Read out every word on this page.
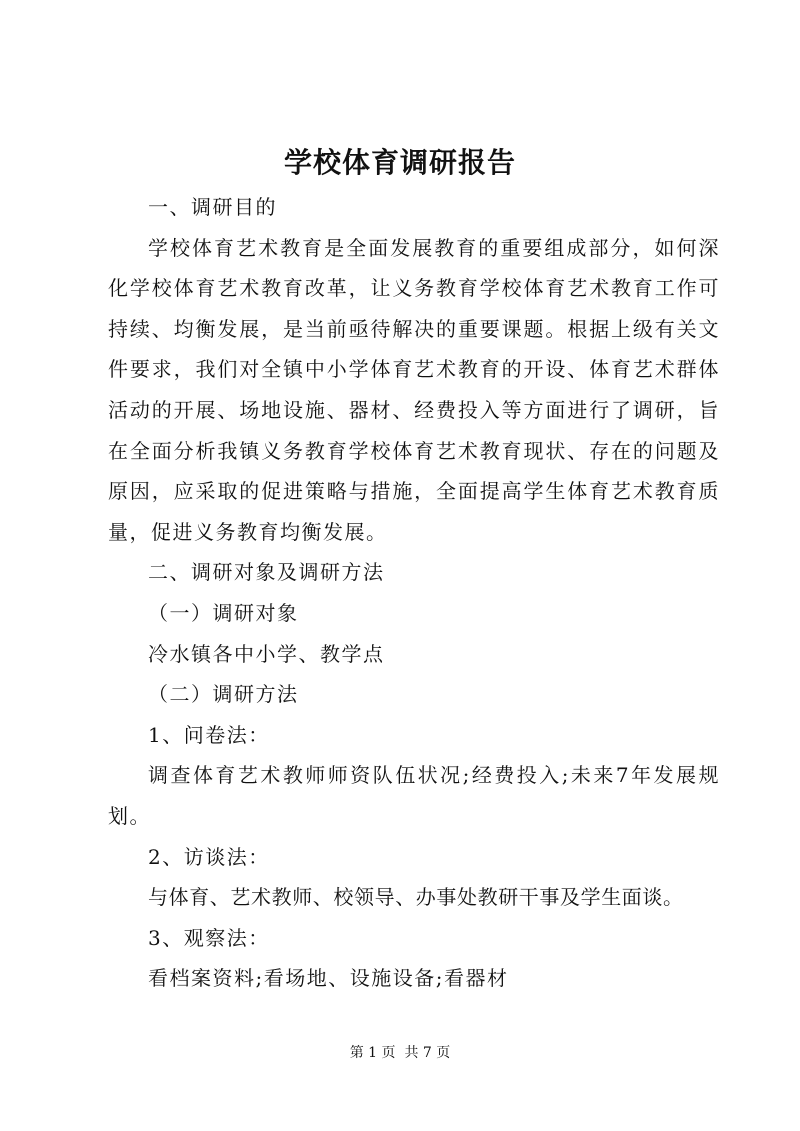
学校体育调研报告

一、调研目的

学校体育艺术教育是全面发展教育的重要组成部分，如何深化学校体育艺术教育改革，让义务教育学校体育艺术教育工作可持续、均衡发展，是当前亟待解决的重要课题。根据上级有关文件要求，我们对全镇中小学体育艺术教育的开设、体育艺术群体活动的开展、场地设施、器材、经费投入等方面进行了调研，旨在全面分析我镇义务教育学校体育艺术教育现状、存在的问题及原因，应采取的促进策略与措施，全面提高学生体育艺术教育质量，促进义务教育均衡发展。

二、调研对象及调研方法

（一）调研对象

冷水镇各中小学、教学点

（二）调研方法

1、问卷法：

调查体育艺术教师师资队伍状况;经费投入;未来7年发展规划。

2、访谈法：

与体育、艺术教师、校领导、办事处教研干事及学生面谈。

3、观察法：

看档案资料;看场地、设施设备;看器材

第 1 页  共 7 页
